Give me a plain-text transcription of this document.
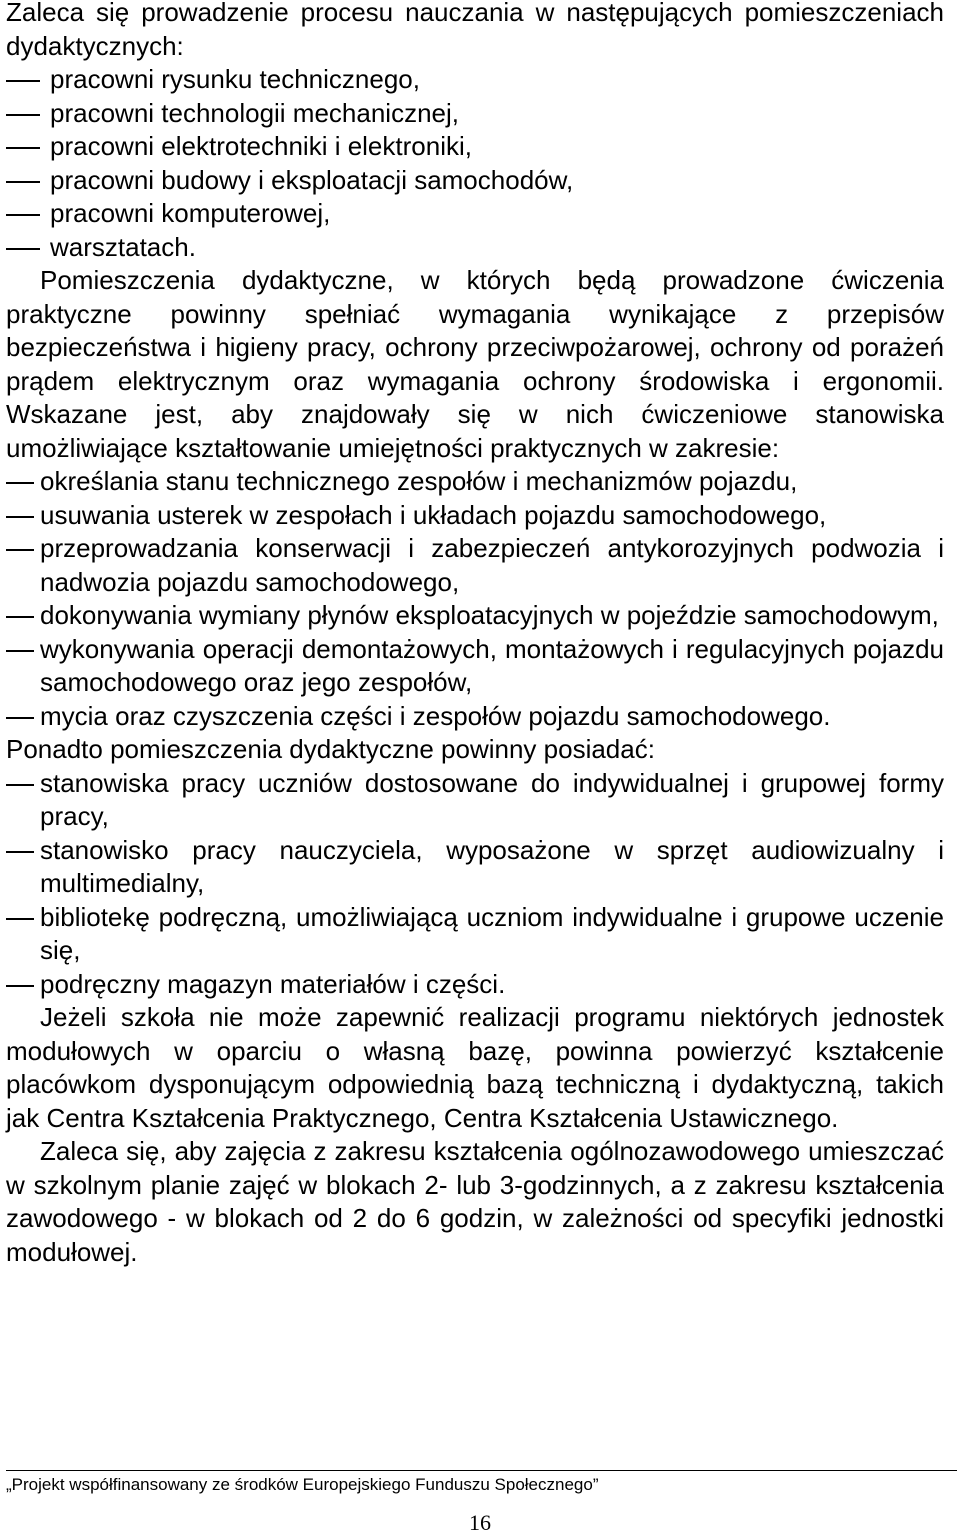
Zaleca się prowadzenie procesu nauczania w następujących pomieszczeniach dydaktycznych:

pracowni rysunku technicznego,
pracowni technologii mechanicznej,
pracowni elektrotechniki i elektroniki,
pracowni budowy i eksploatacji samochodów,
pracowni komputerowej,
warsztatach.

Pomieszczenia dydaktyczne, w których będą prowadzone ćwiczenia praktyczne powinny spełniać wymagania wynikające z przepisów bezpieczeństwa i higieny pracy, ochrony przeciwpożarowej, ochrony od porażeń prądem elektrycznym oraz wymagania ochrony środowiska i ergonomii. Wskazane jest, aby znajdowały się w nich ćwiczeniowe stanowiska umożliwiające kształtowanie umiejętności praktycznych w zakresie:

określania stanu technicznego zespołów i mechanizmów pojazdu,
usuwania usterek w zespołach i układach pojazdu samochodowego,
przeprowadzania konserwacji i zabezpieczeń antykorozyjnych podwozia i nadwozia pojazdu samochodowego,
dokonywania wymiany płynów eksploatacyjnych w pojeździe samochodowym,
wykonywania operacji demontażowych, montażowych i regulacyjnych pojazdu samochodowego oraz jego zespołów,
mycia oraz czyszczenia części i zespołów pojazdu samochodowego.

Ponadto pomieszczenia dydaktyczne powinny posiadać:

stanowiska pracy uczniów dostosowane do indywidualnej i grupowej formy pracy,
stanowisko pracy nauczyciela, wyposażone w sprzęt audiowizualny i multimedialny,
bibliotekę podręczną, umożliwiającą uczniom indywidualne i grupowe uczenie się,
podręczny magazyn materiałów i części.

Jeżeli szkoła nie może zapewnić realizacji programu niektórych jednostek modułowych w oparciu o własną bazę, powinna powierzyć kształcenie placówkom dysponującym odpowiednią bazą techniczną i dydaktyczną, takich jak Centra Kształcenia Praktycznego, Centra Kształcenia Ustawicznego.

Zaleca się, aby zajęcia z zakresu kształcenia ogólnozawodowego umieszczać w szkolnym planie zajęć w blokach 2- lub 3-godzinnych, a z zakresu kształcenia zawodowego - w blokach od 2 do 6 godzin, w zależności od specyfiki jednostki modułowej.

„Projekt współfinansowany ze środków Europejskiego Funduszu Społecznego”
16
